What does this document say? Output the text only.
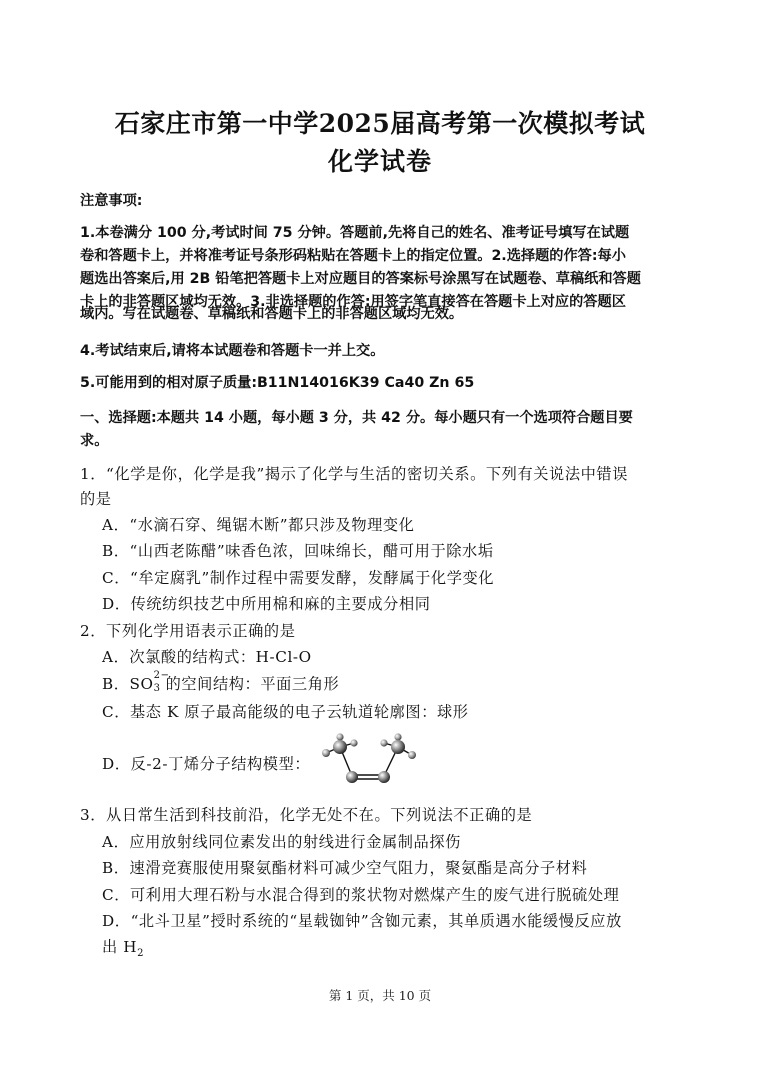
石家庄市第一中学2025届高考第一次模拟考试
化学试卷
注意事项:
1.本卷满分 100 分,考试时间 75 分钟。答题前,先将自己的姓名、准考证号填写在试题
卷和答题卡上，并将准考证号条形码粘贴在答题卡上的指定位置。2.选择题的作答:每小
题选出答案后,用 2B 铅笔把答题卡上对应题目的答案标号涂黑写在试题卷、草稿纸和答题
卡上的非答题区域均无效。3.非选择题的作答:用签字笔直接答在答题卡上对应的答题区
域内。写在试题卷、草稿纸和答题卡上的非答题区域均无效。
4.考试结束后,请将本试题卷和答题卡一并上交。
5.可能用到的相对原子质量:B11N14016K39 Ca40 Zn 65
一、选择题:本题共 14 小题，每小题 3 分，共 42 分。每小题只有一个选项符合题目要
求。
1．“化学是你，化学是我”揭示了化学与生活的密切关系。下列有关说法中错误
的是
A．“水滴石穿、绳锯木断”都只涉及物理变化
B．“山西老陈醋”味香色浓，回味绵长，醋可用于除水垢
C．“牟定腐乳”制作过程中需要发酵，发酵属于化学变化
D．传统纺织技艺中所用棉和麻的主要成分相同
2．下列化学用语表示正确的是
A．次氯酸的结构式：H-Cl-O
B．SO 2−
3 的空间结构：平面三角形
C．基态 K 原子最高能级的电子云轨道轮廓图：球形
D．反-2-丁烯分子结构模型：
3．从日常生活到科技前沿，化学无处不在。下列说法不正确的是
A．应用放射线同位素发出的射线进行金属制品探伤
B．速滑竞赛服使用聚氨酯材料可减少空气阻力，聚氨酯是高分子材料
C．可利用大理石粉与水混合得到的浆状物对燃煤产生的废气进行脱硫处理
D．“北斗卫星”授时系统的“星载铷钟”含铷元素，其单质遇水能缓慢反应放
出 $H_2$
第 1 页，共 10 页
